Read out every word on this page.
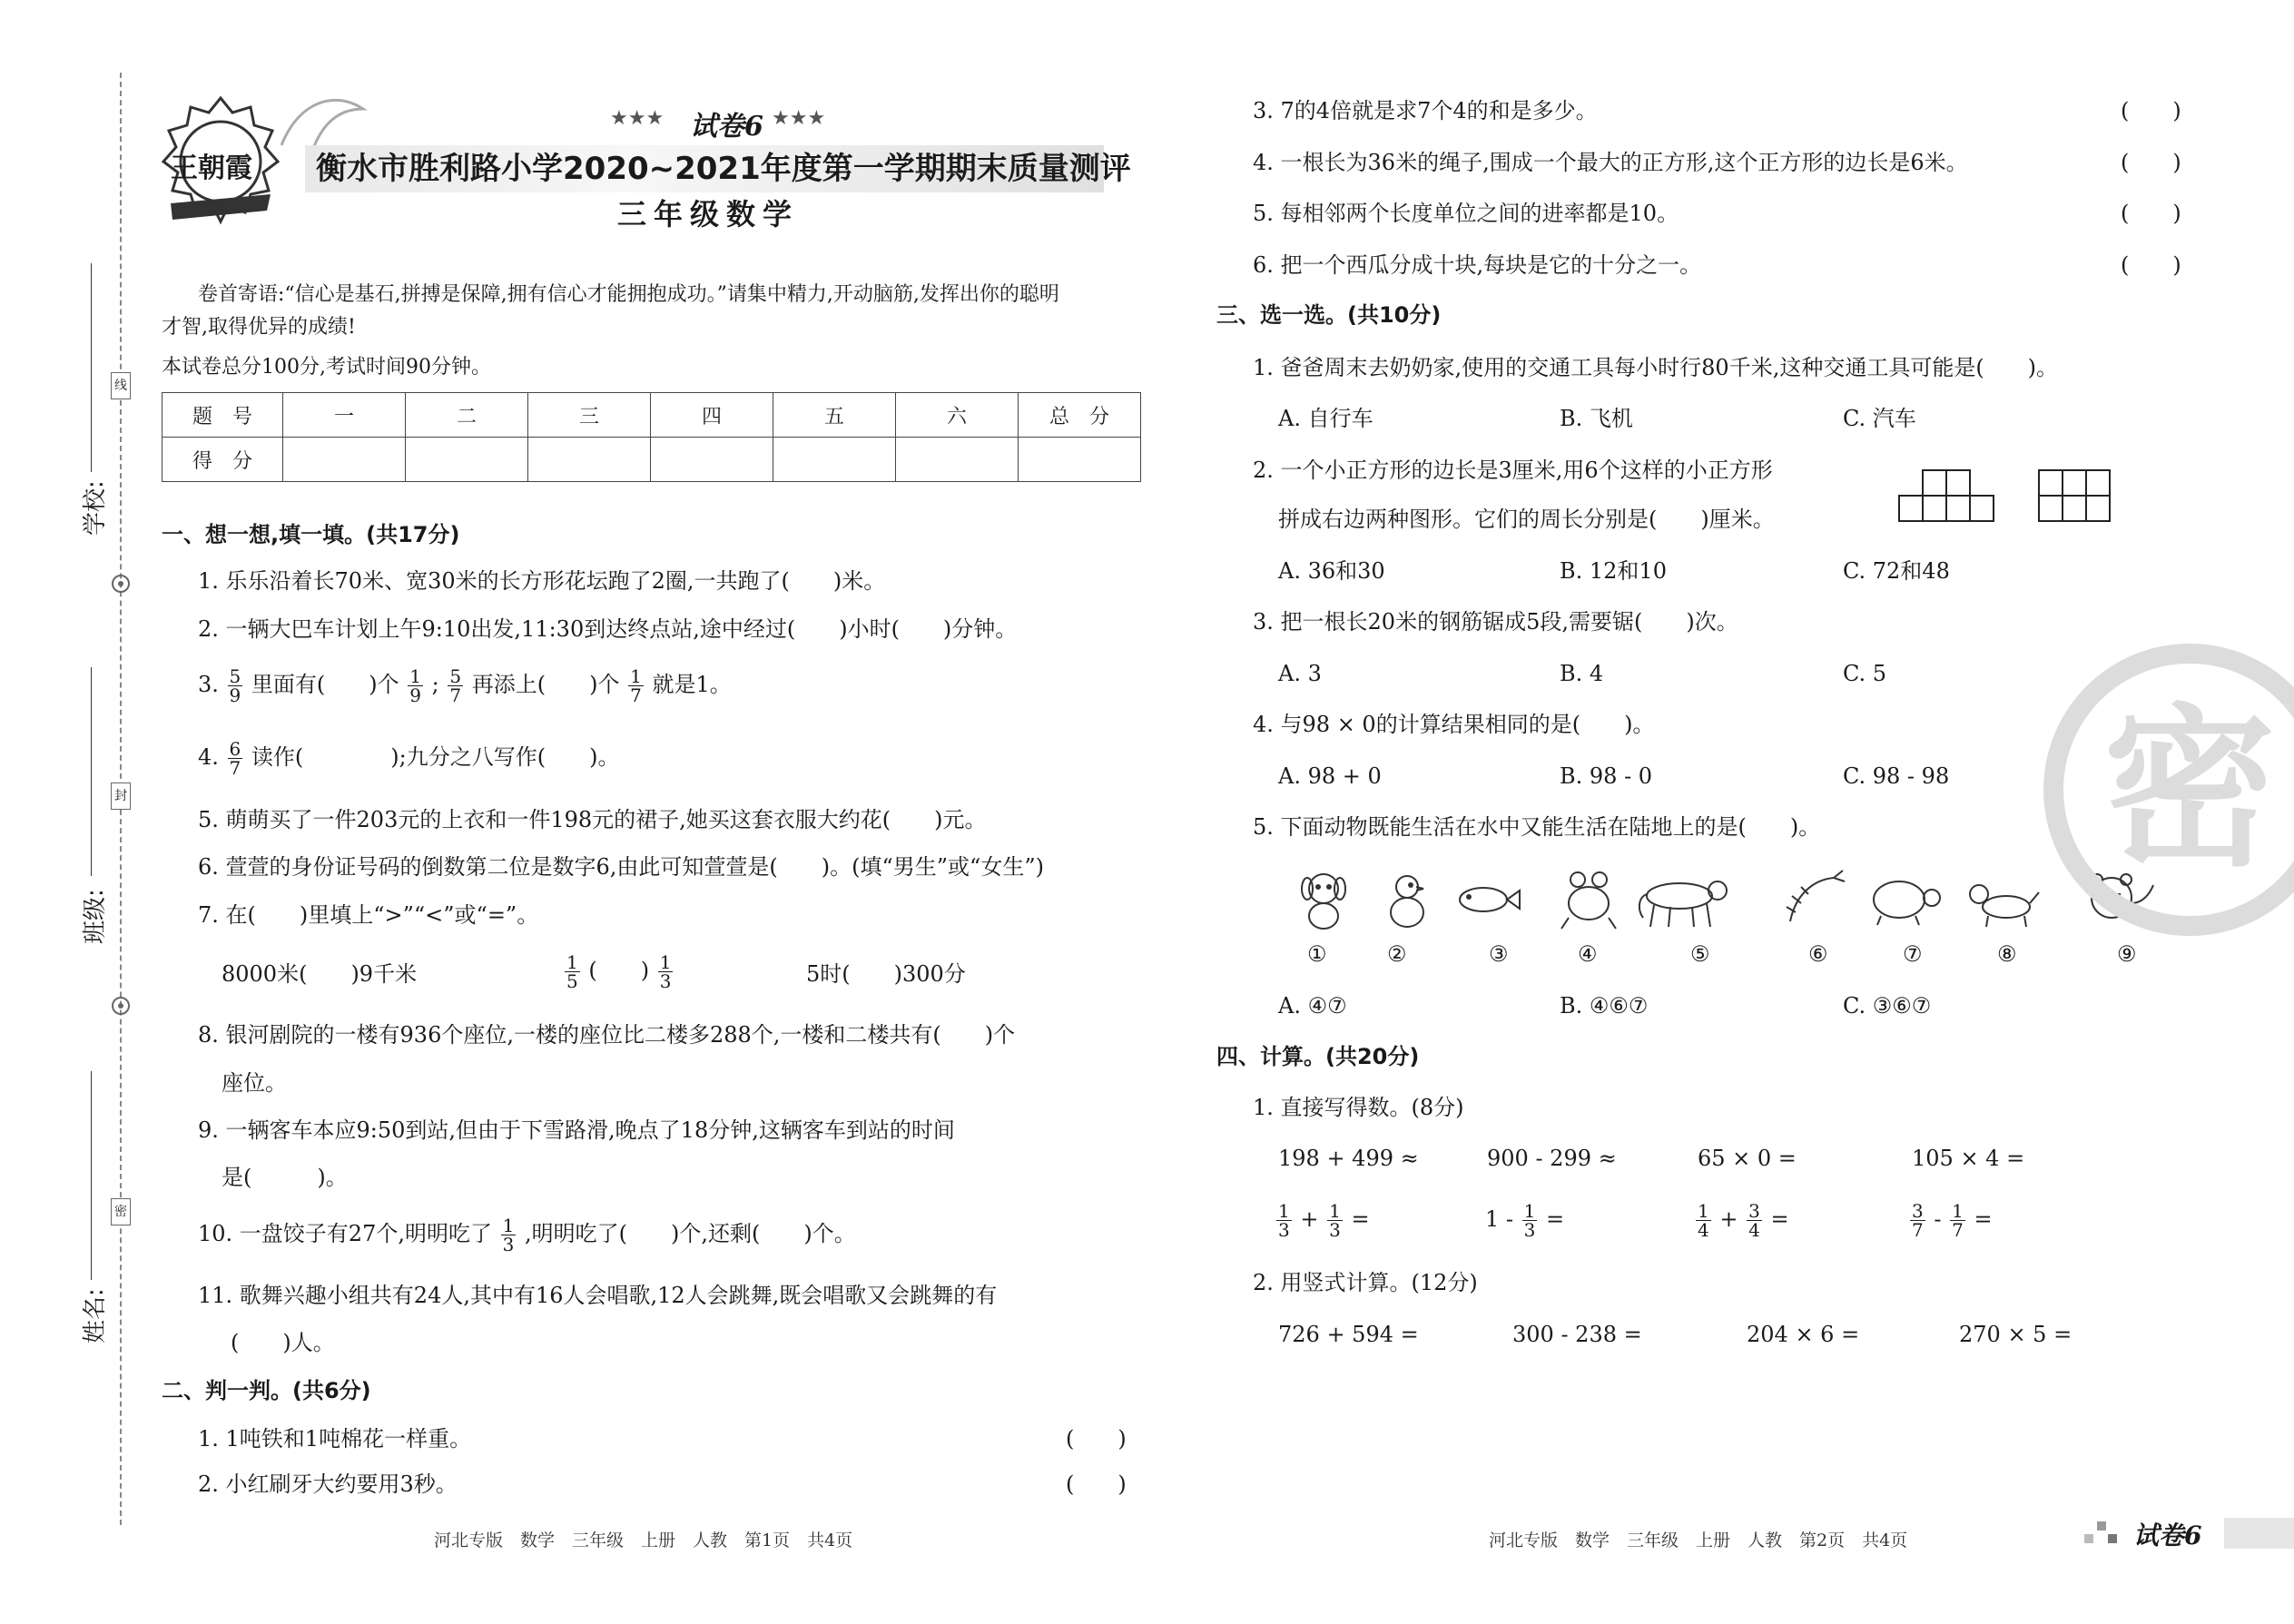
学校:
班级:
姓名:
线
封
密
王朝霞
★★★ 试卷6 ★★★
衡水市胜利路小学2020~2021年度第一学期期末质量测评
三年级数学
卷首寄语:“信心是基石,拼搏是保障,拥有信心才能拥抱成功。”请集中精力,开动脑筋,发挥出你的聪明
才智,取得优异的成绩!
本试卷总分100分,考试时间90分钟。
题　号	一	二	三	四	五	六	总　分
得　分							
一、想一想,填一填。(共17分)
1. 乐乐沿着长70米、宽30米的长方形花坛跑了2圈,一共跑了(　　)米。
2. 一辆大巴车计划上午9:10出发,11:30到达终点站,途中经过(　　)小时(　　)分钟。
3. $\frac{5}{9}$ 里面有(　　)个 $\frac{1}{9}$ ; $\frac{5}{7}$ 再添上(　　)个 $\frac{1}{7}$ 就是1。
4. $\frac{6}{7}$ 读作(　　　　);九分之八写作(　　)。
5. 萌萌买了一件203元的上衣和一件198元的裙子,她买这套衣服大约花(　　)元。
6. 萱萱的身份证号码的倒数第二位是数字6,由此可知萱萱是(　　)。(填“男生”或“女生”)
7. 在(　　)里填上“>”“<”或“=”。
8000米(　　)9千米	$\frac{1}{5}$ (　　) $\frac{1}{3}$	5时(　　)300分
8. 银河剧院的一楼有936个座位,一楼的座位比二楼多288个,一楼和二楼共有(　　)个
座位。
9. 一辆客车本应9:50到站,但由于下雪路滑,晚点了18分钟,这辆客车到站的时间
是(　　　)。
10. 一盘饺子有27个,明明吃了 $\frac{1}{3}$ ,明明吃了(　　)个,还剩(　　)个。
11. 歌舞兴趣小组共有24人,其中有16人会唱歌,12人会跳舞,既会唱歌又会跳舞的有
(　　)人。
二、判一判。(共6分)
1. 1吨铁和1吨棉花一样重。	(　　)
2. 小红刷牙大约要用3秒。	(　　)
3. 7的4倍就是求7个4的和是多少。	(　　)
4. 一根长为36米的绳子,围成一个最大的正方形,这个正方形的边长是6米。	(　　)
5. 每相邻两个长度单位之间的进率都是10。	(　　)
6. 把一个西瓜分成十块,每块是它的十分之一。	(　　)
三、选一选。(共10分)
1. 爸爸周末去奶奶家,使用的交通工具每小时行80千米,这种交通工具可能是(　　)。
A. 自行车	B. 飞机	C. 汽车
2. 一个小正方形的边长是3厘米,用6个这样的小正方形
拼成右边两种图形。它们的周长分别是(　　)厘米。
A. 36和30	B. 12和10	C. 72和48
3. 把一根长20米的钢筋锯成5段,需要锯(　　)次。
A. 3	B. 4	C. 5
4. 与98 × 0的计算结果相同的是(　　)。
A. 98 + 0	B. 98 - 0	C. 98 - 98
5. 下面动物既能生活在水中又能生活在陆地上的是(　　)。
①	②	③	④	⑤	⑥	⑦	⑧	⑨
A. ④⑦	B. ④⑥⑦	C. ③⑥⑦
四、计算。(共20分)
1. 直接写得数。(8分)
198 + 499 ≈	900 - 299 ≈	65 × 0 =	105 × 4 =
$\frac{1}{3} + \frac{1}{3}$ =	$1 - \frac{1}{3}$ =	$\frac{1}{4} + \frac{3}{4}$ =	$\frac{3}{7} - \frac{1}{7}$ =
2. 用竖式计算。(12分)
726 + 594 =	300 - 238 =	204 × 6 =	270 × 5 =
密
河北专版　数学　三年级　上册　人教　第1页　共4页	河北专版　数学　三年级　上册　人教　第2页　共4页	试卷6
